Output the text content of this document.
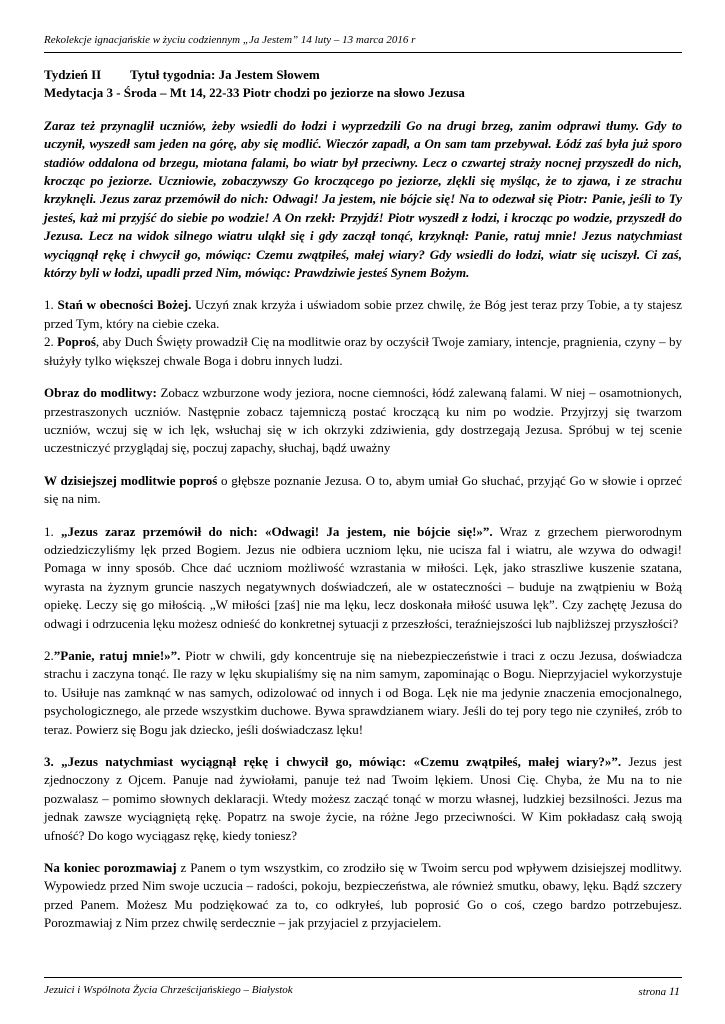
Rekolekcje ignacjańskie w życiu codziennym „Ja Jestem” 14 luty – 13 marca 2016 r
Tydzień II Tytuł tygodnia: Ja Jestem Słowem
Medytacja 3 - Środa – Mt 14, 22-33 Piotr chodzi po jeziorze na słowo Jezusa

Zaraz też przynaglił uczniów, żeby wsiedli do łodzi i wyprzedzili Go na drugi brzeg, zanim odprawi tłumy. Gdy to uczynił, wyszedł sam jeden na górę, aby się modlić. Wieczór zapadł, a On sam tam przebywał. Łódź zaś była już sporo stadiów oddalona od brzegu, miotana falami, bo wiatr był przeciwny. Lecz o czwartej straży nocnej przyszedł do nich, krocząc po jeziorze. Uczniowie, zobaczywszy Go kroczącego po jeziorze, zlękli się myśląc, że to zjawa, i ze strachu krzyknęli. Jezus zaraz przemówił do nich: Odwagi! Ja jestem, nie bójcie się! Na to odezwał się Piotr: Panie, jeśli to Ty jesteś, każ mi przyjść do siebie po wodzie! A On rzekł: Przyjdź! Piotr wyszedł z łodzi, i krocząc po wodzie, przyszedł do Jezusa. Lecz na widok silnego wiatru uląkł się i gdy zaczął tonąć, krzyknął: Panie, ratuj mnie! Jezus natychmiast wyciągnął rękę i chwycił go, mówiąc: Czemu zwątpiłeś, małej wiary? Gdy wsiedli do łodzi, wiatr się uciszył. Ci zaś, którzy byli w łodzi, upadli przed Nim, mówiąc: Prawdziwie jesteś Synem Bożym.

1. Stań w obecności Bożej. Uczyń znak krzyża i uświadom sobie przez chwilę, że Bóg jest teraz przy Tobie, a ty stajesz przed Tym, który na ciebie czeka.
2. Poproś, aby Duch Święty prowadził Cię na modlitwie oraz by oczyścił Twoje zamiary, intencje, pragnienia, czyny – by służyły tylko większej chwale Boga i dobru innych ludzi.

Obraz do modlitwy: Zobacz wzburzone wody jeziora, nocne ciemności, łódź zalewaną falami. W niej – osamotnionych, przestraszonych uczniów. Następnie zobacz tajemniczą postać kroczącą ku nim po wodzie. Przyjrzyj się twarzom uczniów, wczuj się w ich lęk, wsłuchaj się w ich okrzyki zdziwienia, gdy dostrzegają Jezusa. Spróbuj w tej scenie uczestniczyć przyglądaj się, poczuj zapachy, słuchaj, bądź uważny

W dzisiejszej modlitwie poproś o głębsze poznanie Jezusa. O to, abym umiał Go słuchać, przyjąć Go w słowie i oprzeć się na nim.

1. „Jezus zaraz przemówił do nich: «Odwagi! Ja jestem, nie bójcie się!»”. Wraz z grzechem pierworodnym odziedziczyliśmy lęk przed Bogiem. Jezus nie odbiera uczniom lęku, nie ucisza fal i wiatru, ale wzywa do odwagi! Pomaga w inny sposób. Chce dać uczniom możliwość wzrastania w miłości. Lęk, jako straszliwe kuszenie szatana, wyrasta na żyznym gruncie naszych negatywnych doświadczeń, ale w ostateczności – buduje na zwątpieniu w Bożą opiekę. Leczy się go miłością. „W miłości [zaś] nie ma lęku, lecz doskonała miłość usuwa lęk”. Czy zachętę Jezusa do odwagi i odrzucenia lęku możesz odnieść do konkretnej sytuacji z przeszłości, teraźniejszości lub najbliższej przyszłości?

2.”Panie, ratuj mnie!»”. Piotr w chwili, gdy koncentruje się na niebezpieczeństwie i traci z oczu Jezusa, doświadcza strachu i zaczyna tonąć. Ile razy w lęku skupialiśmy się na nim samym, zapominając o Bogu. Nieprzyjaciel wykorzystuje to. Usiłuje nas zamknąć w nas samych, odizolować od innych i od Boga. Lęk nie ma jedynie znaczenia emocjonalnego, psychologicznego, ale przede wszystkim duchowe. Bywa sprawdzianem wiary. Jeśli do tej pory tego nie czyniłeś, zrób to teraz. Powierz się Bogu jak dziecko, jeśli doświadczasz lęku!

3. „Jezus natychmiast wyciągnął rękę i chwycił go, mówiąc: «Czemu zwątpiłeś, małej wiary?»”. Jezus jest zjednoczony z Ojcem. Panuje nad żywiołami, panuje też nad Twoim lękiem. Unosi Cię. Chyba, że Mu na to nie pozwalasz – pomimo słownych deklaracji. Wtedy możesz zacząć tonąć w morzu własnej, ludzkiej bezsilności. Jezus ma jednak zawsze wyciągniętą rękę. Popatrz na swoje życie, na różne Jego przeciwności. W Kim pokładasz całą swoją ufność? Do kogo wyciągasz rękę, kiedy toniesz?

Na koniec porozmawiaj z Panem o tym wszystkim, co zrodziło się w Twoim sercu pod wpływem dzisiejszej modlitwy. Wypowiedz przed Nim swoje uczucia – radości, pokoju, bezpieczeństwa, ale również smutku, obawy, lęku. Bądź szczery przed Panem. Możesz Mu podziękować za to, co odkryłeś, lub poprosić Go o coś, czego bardzo potrzebujesz. Porozmawiaj z Nim przez chwilę serdecznie – jak przyjaciel z przyjacielem.

Jezuici i Wspólnota Życia Chrześcijańskiego – Białystok	strona 11
